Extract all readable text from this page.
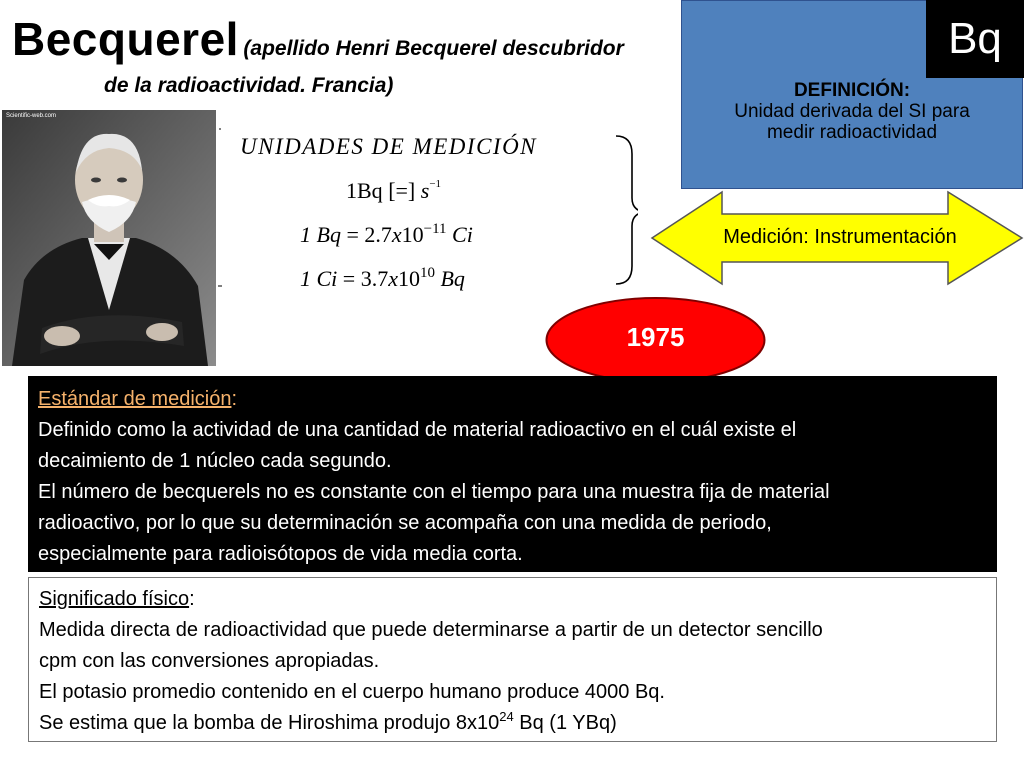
Becquerel (apellido Henri Becquerel descubridor
de la radioactividad. Francia)
Scientific-web.com
UNIDADES DE MEDICIÓN
1Bq [=] $s^{-1}$
1 $Bq = 2.7x10^{-11}$ Ci
1 $Ci = 3.7x10^{10}$ Bq
Bq
DEFINICIÓN:
Unidad derivada del SI para
medir radioactividad
Medición: Instrumentación
1975
Estándar de medición:
Definido como la actividad de una cantidad de material radioactivo en el cuál existe el
decaimiento de 1 núcleo cada segundo.
El número de becquerels no es constante con el tiempo para una muestra fija de material
radioactivo, por lo que su determinación se acompaña con una medida de periodo,
especialmente para radioisótopos de vida media corta.
Significado físico:
Medida directa de radioactividad que puede determinarse a partir de un detector sencillo
cpm con las conversiones apropiadas.
El potasio promedio contenido en el cuerpo humano produce 4000 Bq.
Se estima que la bomba de Hiroshima produjo $8x10^{24}$ Bq (1 YBq)
